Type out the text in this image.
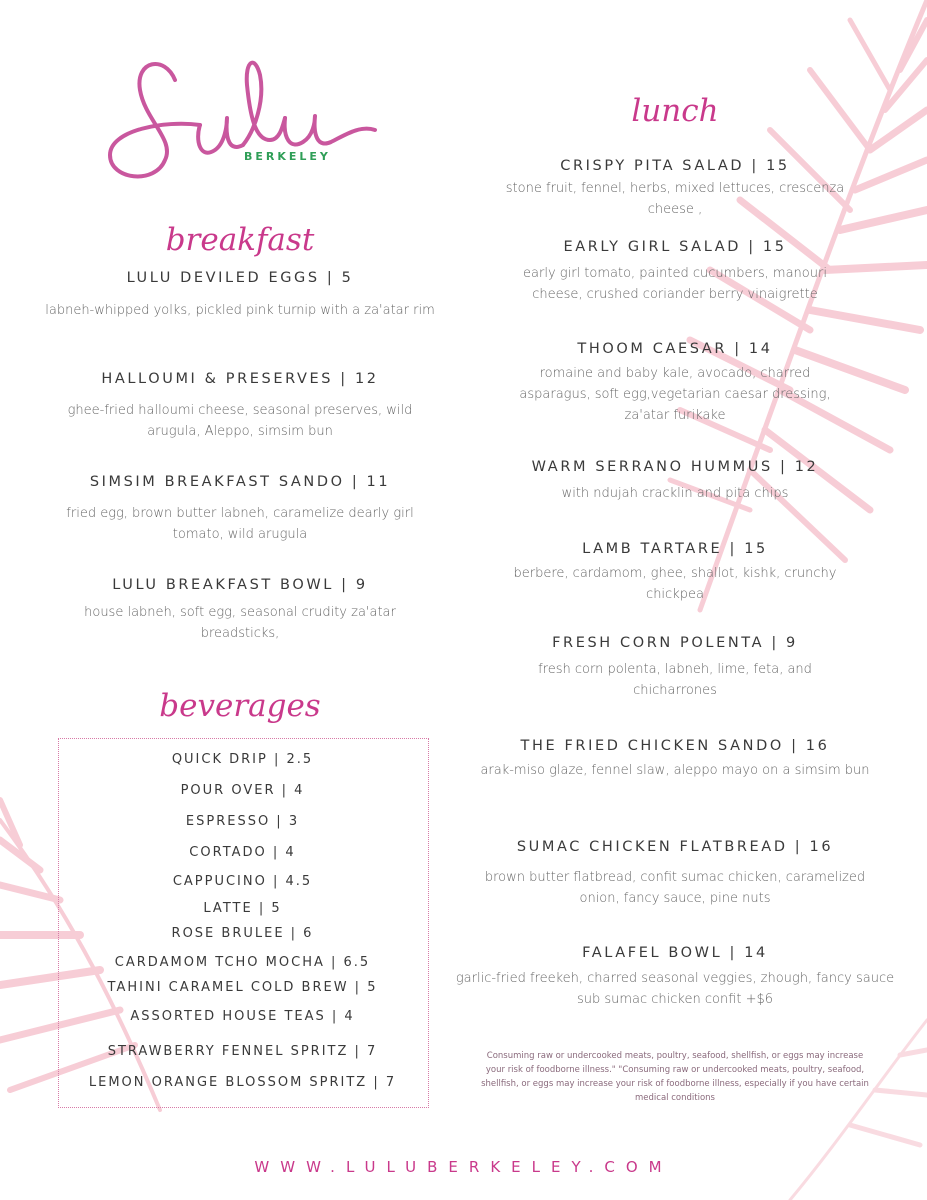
BERKELEY
breakfast
LULU DEVILED EGGS | 5
labneh-whipped yolks, pickled pink turnip with a za'atar rim
HALLOUMI & PRESERVES | 12
ghee-fried halloumi cheese, seasonal preserves, wild arugula, Aleppo, simsim bun
SIMSIM BREAKFAST SANDO | 11
fried egg, brown butter labneh, caramelize dearly girl tomato, wild arugula
LULU BREAKFAST BOWL | 9
house labneh, soft egg, seasonal crudity za'atar breadsticks,
beverages
QUICK DRIP | 2.5
POUR OVER | 4
ESPRESSO | 3
CORTADO | 4
CAPPUCINO | 4.5
LATTE | 5
ROSE BRULEE | 6
CARDAMOM TCHO MOCHA | 6.5
TAHINI CARAMEL COLD BREW | 5
ASSORTED HOUSE TEAS | 4
STRAWBERRY FENNEL SPRITZ | 7
LEMON ORANGE BLOSSOM SPRITZ | 7
lunch
CRISPY PITA SALAD | 15
stone fruit, fennel, herbs, mixed lettuces, crescenza cheese ,
EARLY GIRL SALAD | 15
early girl tomato, painted cucumbers, manouri cheese, crushed coriander berry vinaigrette
THOOM CAESAR | 14
romaine and baby kale, avocado, charred asparagus, soft egg,vegetarian caesar dressing, za'atar furikake
WARM SERRANO HUMMUS | 12
with ndujah cracklin and pita chips
LAMB TARTARE | 15
berbere, cardamom, ghee, shallot, kishk, crunchy chickpea
FRESH CORN POLENTA | 9
fresh corn polenta, labneh, lime, feta, and chicharrones
THE FRIED CHICKEN SANDO | 16
arak-miso glaze, fennel slaw, aleppo mayo on a simsim bun
SUMAC CHICKEN FLATBREAD | 16
brown butter flatbread, confit sumac chicken, caramelized onion, fancy sauce, pine nuts
FALAFEL BOWL | 14
garlic-fried freekeh, charred seasonal veggies, zhough, fancy sauce
sub sumac chicken confit +$6
Consuming raw or undercooked meats, poultry, seafood, shellfish, or eggs may increase your risk of foodborne illness." "Consuming raw or undercooked meats, poultry, seafood, shellfish, or eggs may increase your risk of foodborne illness, especially if you have certain medical conditions
WWW.LULUBERKELEY.COM
